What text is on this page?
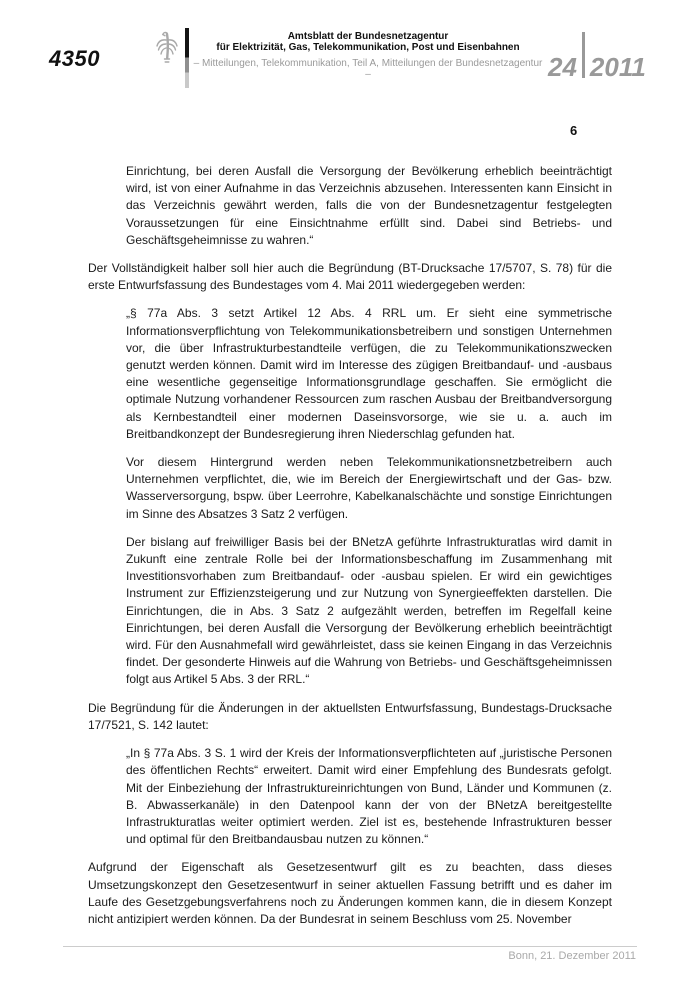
4350
Amtsblatt der Bundesnetzagentur
für Elektrizität, Gas, Telekommunikation, Post und Eisenbahnen
– Mitteilungen, Telekommunikation, Teil A, Mitteilungen der Bundesnetzagentur –	24 2011
6

Einrichtung, bei deren Ausfall die Versorgung der Bevölkerung erheblich beeinträchtigt wird, ist von einer Aufnahme in das Verzeichnis abzusehen. Interessenten kann Einsicht in das Verzeichnis gewährt werden, falls die von der Bundesnetzagentur festgelegten Voraussetzungen für eine Einsichtnahme erfüllt sind. Dabei sind Betriebs- und Geschäftsgeheimnisse zu wahren.“

Der Vollständigkeit halber soll hier auch die Begründung (BT-Drucksache 17/5707, S. 78) für die erste Entwurfsfassung des Bundestages vom 4. Mai 2011 wiedergegeben werden:

„§ 77a Abs. 3 setzt Artikel 12 Abs. 4 RRL um. Er sieht eine symmetrische Informationsverpflichtung von Telekommunikationsbetreibern und sonstigen Unternehmen vor, die über Infrastrukturbestandteile verfügen, die zu Telekommunikationszwecken genutzt werden können. Damit wird im Interesse des zügigen Breitbandauf- und -ausbaus eine wesentliche gegenseitige Informationsgrundlage geschaffen. Sie ermöglicht die optimale Nutzung vorhandener Ressourcen zum raschen Ausbau der Breitbandversorgung als Kernbestandteil einer modernen Daseinsvorsorge, wie sie u. a. auch im Breitbandkonzept der Bundesregierung ihren Niederschlag gefunden hat.

Vor diesem Hintergrund werden neben Telekommunikationsnetzbetreibern auch Unternehmen verpflichtet, die, wie im Bereich der Energiewirtschaft und der Gas- bzw. Wasserversorgung, bspw. über Leerrohre, Kabelkanalschächte und sonstige Einrichtungen im Sinne des Absatzes 3 Satz 2 verfügen.

Der bislang auf freiwilliger Basis bei der BNetzA geführte Infrastrukturatlas wird damit in Zukunft eine zentrale Rolle bei der Informationsbeschaffung im Zusammenhang mit Investitionsvorhaben zum Breitbandauf- oder -ausbau spielen. Er wird ein gewichtiges Instrument zur Effizienzsteigerung und zur Nutzung von Synergieeffekten darstellen. Die Einrichtungen, die in Abs. 3 Satz 2 aufgezählt werden, betreffen im Regelfall keine Einrichtungen, bei deren Ausfall die Versorgung der Bevölkerung erheblich beeinträchtigt wird. Für den Ausnahmefall wird gewährleistet, dass sie keinen Eingang in das Verzeichnis findet. Der gesonderte Hinweis auf die Wahrung von Betriebs- und Geschäftsgeheimnissen folgt aus Artikel 5 Abs. 3 der RRL.“

Die Begründung für die Änderungen in der aktuellsten Entwurfsfassung, Bundestags-Drucksache 17/7521, S. 142 lautet:

„In § 77a Abs. 3 S. 1 wird der Kreis der Informationsverpflichteten auf „juristische Personen des öffentlichen Rechts“ erweitert. Damit wird einer Empfehlung des Bundesrats gefolgt. Mit der Einbeziehung der Infrastruktureinrichtungen von Bund, Länder und Kommunen (z. B. Abwasserkanäle) in den Datenpool kann der von der BNetzA bereitgestellte Infrastrukturatlas weiter optimiert werden. Ziel ist es, bestehende Infrastrukturen besser und optimal für den Breitbandausbau nutzen zu können.“

Aufgrund der Eigenschaft als Gesetzesentwurf gilt es zu beachten, dass dieses Umsetzungskonzept den Gesetzesentwurf in seiner aktuellen Fassung betrifft und es daher im Laufe des Gesetzgebungsverfahrens noch zu Änderungen kommen kann, die in diesem Konzept nicht antizipiert werden können. Da der Bundesrat in seinem Beschluss vom 25. November

Bonn, 21. Dezember 2011
